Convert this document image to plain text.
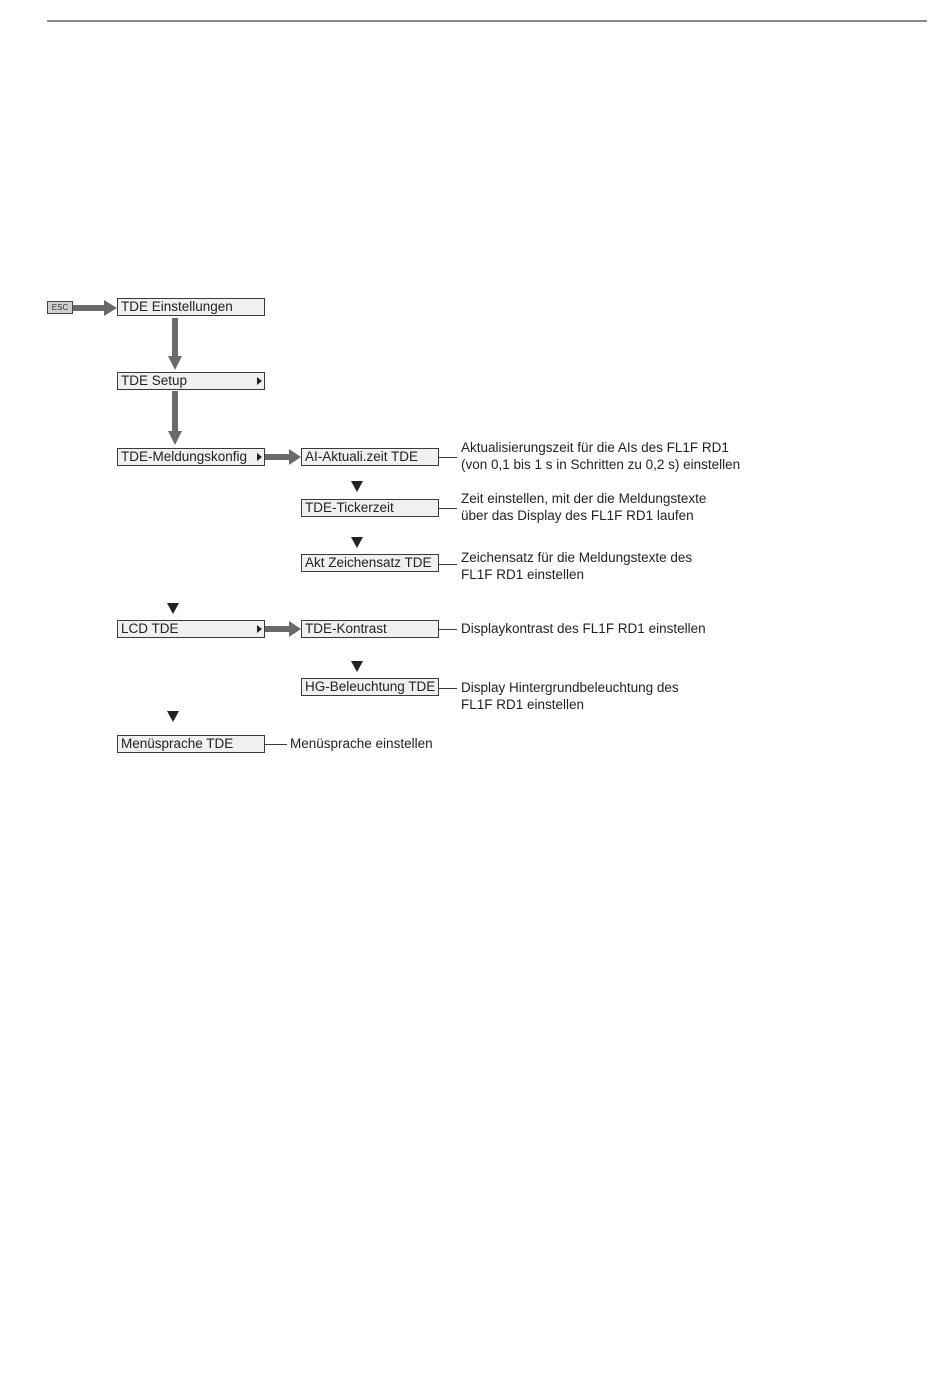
ESC	TDE Einstellungen
TDE Setup
TDE-Meldungskonfig
LCD TDE
Menüsprache TDE	Menüsprache einstellen
AI-Aktuali.zeit TDE
Aktualisierungszeit für die AIs des FL1F RD1
(von 0,1 bis 1 s in Schritten zu 0,2 s) einstellen
TDE-Tickerzeit
Zeit einstellen, mit der die Meldungstexte
über das Display des FL1F RD1 laufen
Akt Zeichensatz TDE	Zeichensatz für die Meldungstexte des
FL1F RD1 einstellen
TDE-Kontrast	Displaykontrast des FL1F RD1 einstellen
HG-Beleuchtung TDE Display Hintergrundbeleuchtung des
FL1F RD1 einstellen
